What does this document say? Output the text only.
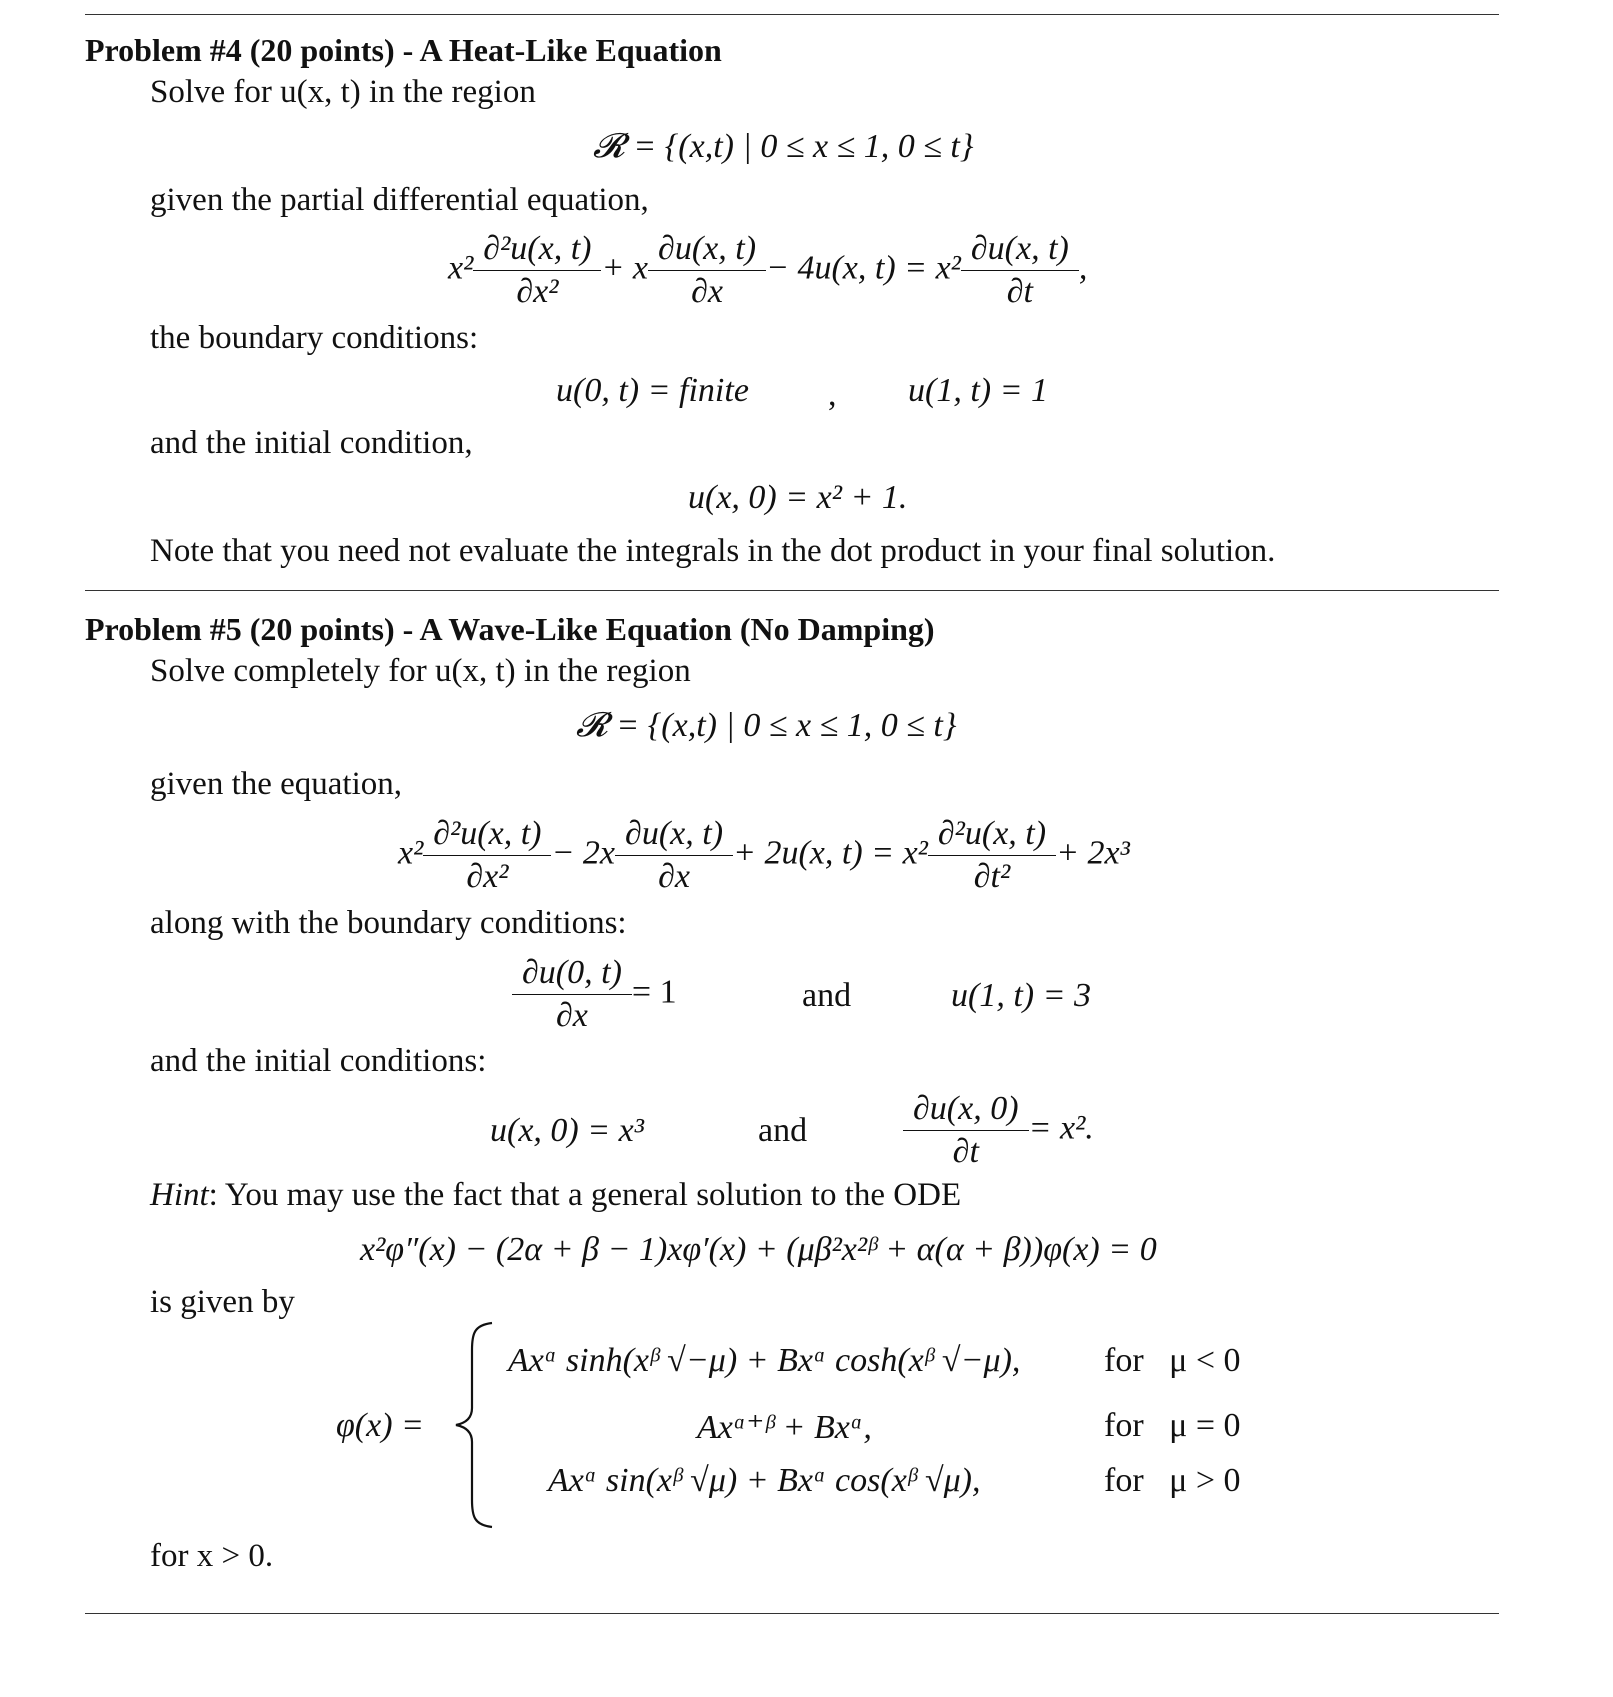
Problem #4 (20 points) - A Heat-Like Equation
Solve for u(x, t) in the region
𝓡 = {(x,t) | 0 ≤ x ≤ 1, 0 ≤ t}
given the partial differential equation,
$x^2 \frac{\text{∂²u(x, t)}}{\text{∂x²}} + x \frac{\partial u(x, t)}{\partial x} - 4u(x$, $t) = x^2 \frac{\partial u(x, t)}{\partial t}$ ,
the boundary conditions:
u(0, t) = finite , u(1, t) = 1
and the initial condition,
u(x, 0) = x² + 1.
Note that you need not evaluate the integrals in the dot product in your final solution.
Problem #5 (20 points) - A Wave-Like Equation (No Damping)
Solve completely for u(x, t) in the region
𝓡 = {(x,t) | 0 ≤ x ≤ 1, 0 ≤ t}
given the equation,
$x^2 \frac{\text{∂²u(x, t)}}{\text{∂x²}} - 2x \frac{\partial u(x, t)}{\partial x} + 2u(x$, $t) = x^2 \frac{\text{∂²u(x, t)}}{\text{∂t²}} + 2x^3$
along with the boundary conditions:
$\frac{\partial u(0, t)}{\partial x} = 1$	and	u(1, t) = 3
and the initial conditions:
u(x, 0) = x³	and	$\frac{\partial u(x, 0)}{\partial t} = x^2$.
Hint: You may use the fact that a general solution to the ODE
x²φ″(x) − (2α + β − 1)xφ′(x) + (μβ²x²ᵝ + α(α + β))φ(x) = 0
is given by
φ(x) =
Axᵅ sinh(xᵝ √−μ) + Bxᵅ cosh(xᵝ √−μ), for   μ < 0
Axᵅ⁺ᵝ + Bxᵅ,	for   μ = 0
Axᵅ sin(xᵝ √μ) + Bxᵅ cos(xᵝ √μ),	for   μ > 0
for x > 0.
